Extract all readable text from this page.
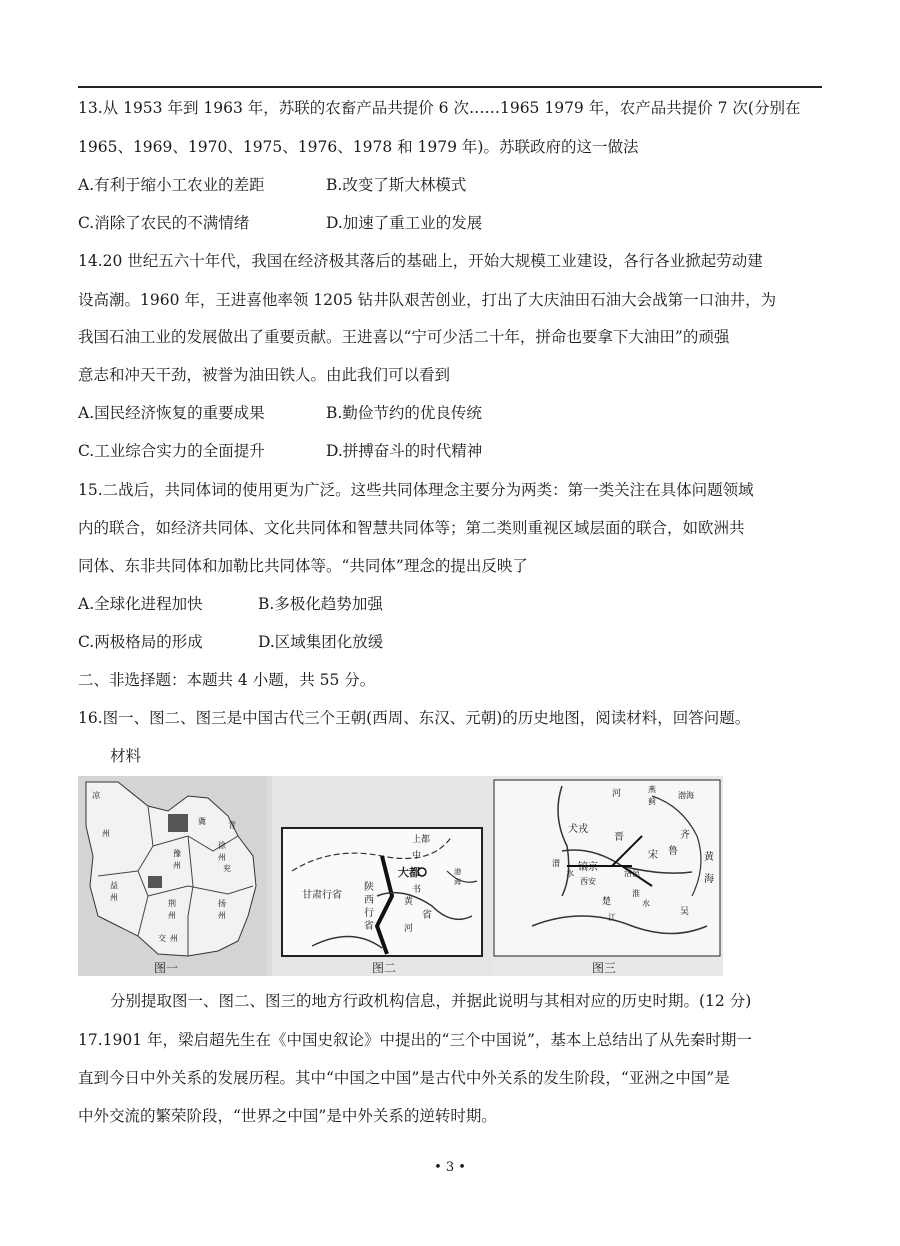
13.从 1953 年到 1963 年，苏联的农畜产品共提价 6 次……1965 1979 年，农产品共提价 7 次(分别在
1965、1969、1970、1975、1976、1978 和 1979 年)。苏联政府的这一做法
A.有利于缩小工农业的差距	B.改变了斯大林模式
C.消除了农民的不满情绪	D.加速了重工业的发展
14.20 世纪五六十年代，我国在经济极其落后的基础上，开始大规模工业建设，各行各业掀起劳动建
设高潮。1960 年，王进喜他率领 1205 钻井队艰苦创业，打出了大庆油田石油大会战第一口油井，为
我国石油工业的发展做出了重要贡献。王进喜以“宁可少活二十年，拼命也要拿下大油田”的顽强
意志和冲天干劲，被誉为油田铁人。由此我们可以看到
A.国民经济恢复的重要成果	B.勤俭节约的优良传统
C.工业综合实力的全面提升	D.拼搏奋斗的时代精神
15.二战后，共同体词的使用更为广泛。这些共同体理念主要分为两类：第一类关注在具体问题领域
内的联合，如经济共同体、文化共同体和智慧共同体等；第二类则重视区域层面的联合，如欧洲共
同体、东非共同体和加勒比共同体等。“共同体”理念的提出反映了
A.全球化进程加快	B.多极化趋势加强
C.两极格局的形成	D.区域集团化放缓
二、非选择题：本题共 4 小题，共 55 分。
16.图一、图二、图三是中国古代三个王朝(西周、东汉、元朝)的历史地图，阅读材料，回答问题。
材料
凉
州
豫
州
徐
州
冀
兖
青
益
荆	扬
交 州
州
州	州
图一
上都
中
大都
书
甘肃行省
陕
西
行
省
黄
省
河
渤
海
图二
燕
蓟
渤海
河
犬戎
晋	齐
鲁
宋
镐京
西安
洛邑
黄
海
渭
水
淮
水
江
楚
吴
图三
分别提取图一、图二、图三的地方行政机构信息，并据此说明与其相对应的历史时期。(12 分)
17.1901 年，梁启超先生在《中国史叙论》中提出的“三个中国说”，基本上总结出了从先秦时期一
直到今日中外关系的发展历程。其中“中国之中国”是古代中外关系的发生阶段，“亚洲之中国”是
中外交流的繁荣阶段，“世界之中国”是中外关系的逆转时期。
• 3 •
